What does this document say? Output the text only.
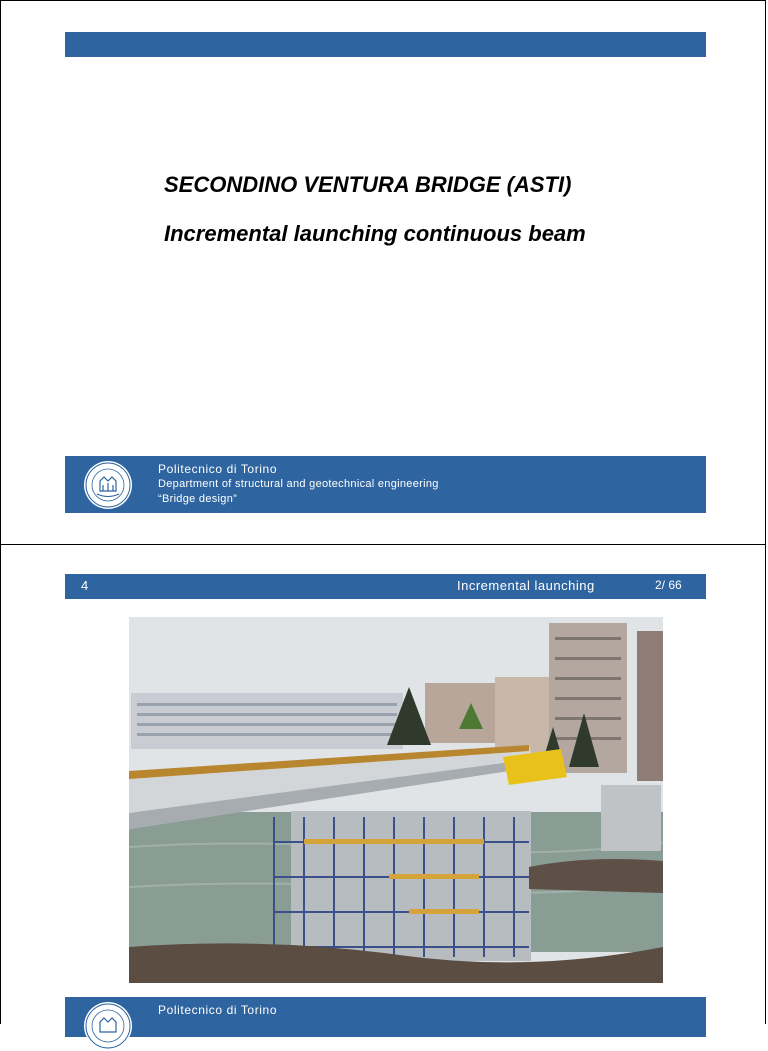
SECONDINO VENTURA BRIDGE (ASTI)
Incremental launching continuous beam
Politecnico di Torino
Department of structural and geotechnical engineering
“Bridge design”
4	Incremental launching	2/ 66
Politecnico di Torino
